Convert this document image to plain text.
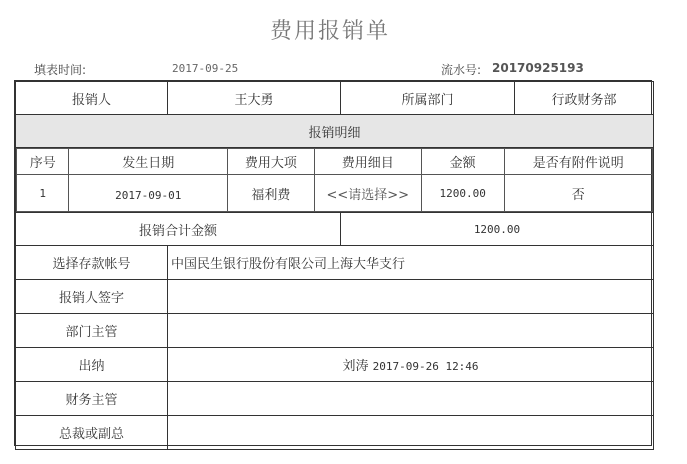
费用报销单
填表时间:	2017-09-25	流水号: 20170925193
报销人	王大勇	所属部门	行政财务部
报销明细

序号	发生日期	费用大项	费用细目	金额	是否有附件说明
1	2017-09-01	福利费	<<请选择>>	1200.00	否

报销合计金额	1200.00
选择存款帐号	中国民生银行股份有限公司上海大华支行
报销人签字	
部门主管	
出纳	刘涛 2017-09-26 12:46
财务主管	
总裁或副总	
